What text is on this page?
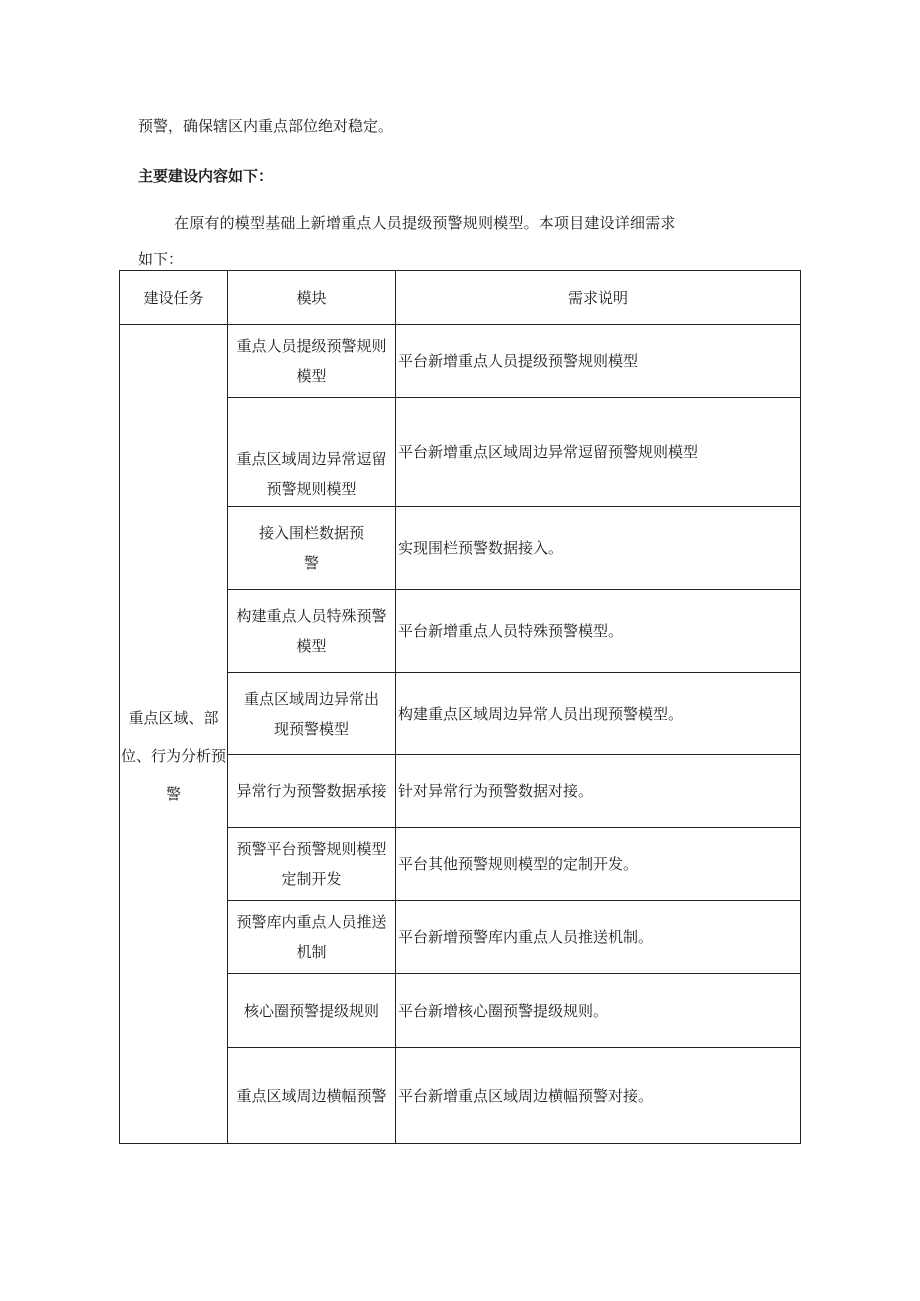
预警，确保辖区内重点部位绝对稳定。
主要建设内容如下：
在原有的模型基础上新增重点人员提级预警规则模型。本项目建设详细需求
如下：
建设任务	模块	需求说明

重点区域、部位、行为分析预警	重点人员提级预警规则模型	平台新增重点人员提级预警规则模型
	重点区域周边异常逗留预警规则模型	平台新增重点区域周边异常逗留预警规则模型
	接入围栏数据预警	实现围栏预警数据接入。
	构建重点人员特殊预警模型	平台新增重点人员特殊预警模型。
	重点区域周边异常出现预警模型	构建重点区域周边异常人员出现预警模型。
	异常行为预警数据承接	针对异常行为预警数据对接。
	预警平台预警规则模型定制开发	平台其他预警规则模型的定制开发。
	预警库内重点人员推送机制	平台新增预警库内重点人员推送机制。
	核心圈预警提级规则	平台新增核心圈预警提级规则。
	重点区域周边横幅预警	平台新增重点区域周边横幅预警对接。
